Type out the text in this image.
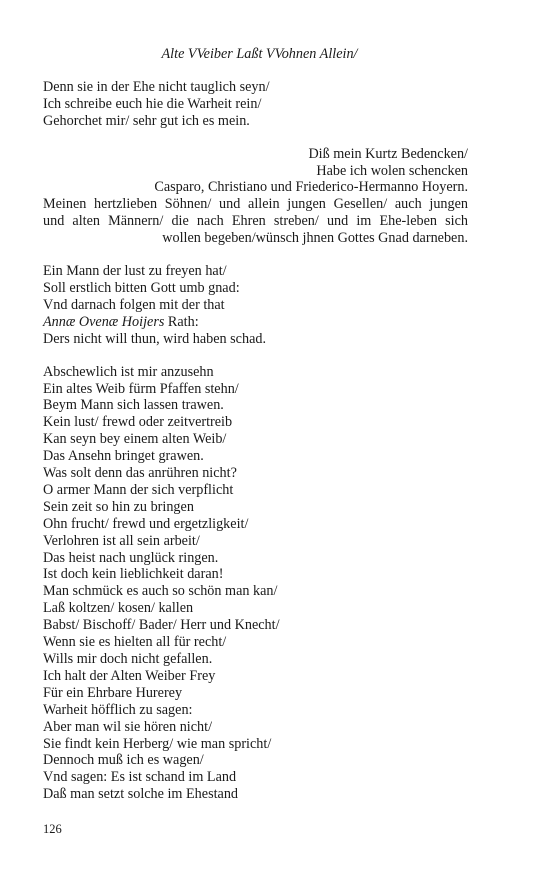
Alte VVeiber Laßt VVohnen Allein/
Denn sie in der Ehe nicht tauglich seyn/
Ich schreibe euch hie die Warheit rein/
Gehorchet mir/ sehr gut ich es mein.
Diß mein Kurtz Bedencken/
Habe ich wolen schencken
Casparo, Christiano und Friederico-Hermanno Hoyern.
Meinen hertzlieben Söhnen/ und allein jungen Gesellen/ auch jungen
und alten Männern/ die nach Ehren streben/ und im Ehe-leben sich
wollen begeben/wünsch jhnen Gottes Gnad darneben.
Ein Mann der lust zu freyen hat/
Soll erstlich bitten Gott umb gnad:
Vnd darnach folgen mit der that
Annæ Ovenæ Hoijers Rath:
Ders nicht will thun, wird haben schad.
Abschewlich ist mir anzusehn
Ein altes Weib fürm Pfaffen stehn/
Beym Mann sich lassen trawen.
Kein lust/ frewd oder zeitvertreib
Kan seyn bey einem alten Weib/
Das Ansehn bringet grawen.
Was solt denn das anrühren nicht?
O armer Mann der sich verpflicht
Sein zeit so hin zu bringen
Ohn frucht/ frewd und ergetzligkeit/
Verlohren ist all sein arbeit/
Das heist nach unglück ringen.
Ist doch kein lieblichkeit daran!
Man schmück es auch so schön man kan/
Laß koltzen/ kosen/ kallen
Babst/ Bischoff/ Bader/ Herr und Knecht/
Wenn sie es hielten all für recht/
Wills mir doch nicht gefallen.
Ich halt der Alten Weiber Frey
Für ein Ehrbare Hurerey
Warheit höfflich zu sagen:
Aber man wil sie hören nicht/
Sie findt kein Herberg/ wie man spricht/
Dennoch muß ich es wagen/
Vnd sagen: Es ist schand im Land
Daß man setzt solche im Ehestand
126
